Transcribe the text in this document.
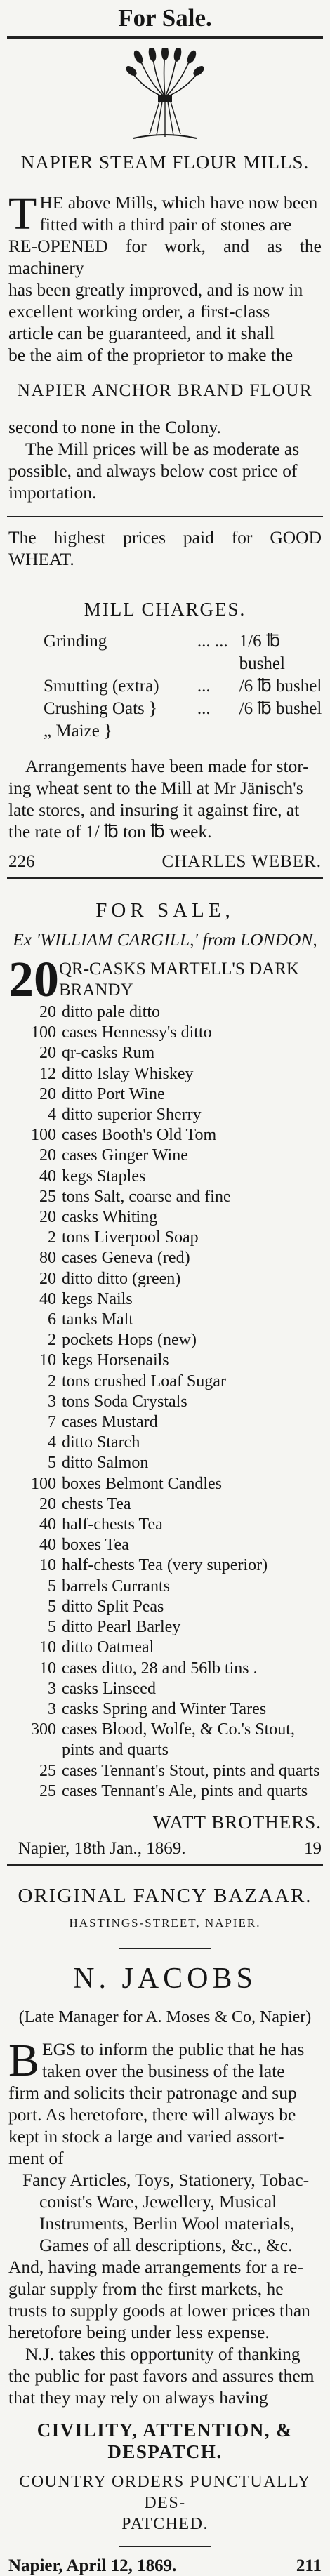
For Sale.
NAPIER STEAM FLOUR MILLS.
T HE above Mills, which have now been
fitted with a third pair of stones are
RE-OPENED for work, and as the machinery
has been greatly improved, and is now in
excellent working order, a first-class
article can be guaranteed, and it shall
be the aim of the proprietor to make the
NAPIER ANCHOR BRAND FLOUR
second to none in the Colony.
The Mill prices will be as moderate as
possible, and always below cost price of
importation.
The highest prices paid for GOOD WHEAT.
MILL CHARGES.
Grinding	... ... 1/6 ℔ bushel
Smutting (extra)	...	/6 ℔ bushel
Crushing Oats }	...	/6 ℔ bushel
„ Maize }
Arrangements have been made for stor-
ing wheat sent to the Mill at Mr Jänisch's
late stores, and insuring it against fire, at
the rate of 1/ ℔ ton ℔ week.
226	CHARLES WEBER.
FOR SALE,
Ex 'WILLIAM CARGILL,' from LONDON,
20 QR-CASKS MARTELL'S DARK BRANDY
20 ditto pale ditto
100 cases Hennessy's ditto
20 qr-casks Rum
12 ditto Islay Whiskey
20 ditto Port Wine
4 ditto superior Sherry
100 cases Booth's Old Tom
20 cases Ginger Wine
40 kegs Staples
25 tons Salt, coarse and fine
20 casks Whiting
2 tons Liverpool Soap
80 cases Geneva (red)
20 ditto ditto (green)
40 kegs Nails
6 tanks Malt
2 pockets Hops (new)
10 kegs Horsenails
2 tons crushed Loaf Sugar
3 tons Soda Crystals
7 cases Mustard
4 ditto Starch
5 ditto Salmon
100 boxes Belmont Candles
20 chests Tea
40 half-chests Tea
40 boxes Tea
10 half-chests Tea (very superior)
5 barrels Currants
5 ditto Split Peas
5 ditto Pearl Barley
10 ditto Oatmeal
10 cases ditto, 28 and 56lb tins .
3 casks Linseed
3 casks Spring and Winter Tares
300 cases Blood, Wolfe, & Co.'s Stout, pints and quarts
25 cases Tennant's Stout, pints and quarts
25 cases Tennant's Ale, pints and quarts
WATT BROTHERS.
Napier, 18th Jan., 1869.	19
ORIGINAL FANCY BAZAAR.
HASTINGS-STREET, NAPIER.
N. JACOBS
(Late Manager for A. Moses & Co, Napier)
B EGS to inform the public that he has
taken over the business of the late
firm and solicits their patronage and sup
port. As heretofore, there will always be
kept in stock a large and varied assort-
ment of
Fancy Articles, Toys, Stationery, Tobac-
conist's Ware, Jewellery, Musical
Instruments, Berlin Wool materials,
Games of all descriptions, &c., &c.
And, having made arrangements for a re-
gular supply from the first markets, he
trusts to supply goods at lower prices than
heretofore being under less expense.
N.J. takes this opportunity of thanking
the public for past favors and assures them
that they may rely on always having
CIVILITY, ATTENTION, & DESPATCH.
COUNTRY ORDERS PUNCTUALLY DES-
PATCHED.
Napier, April 12, 1869.	211
